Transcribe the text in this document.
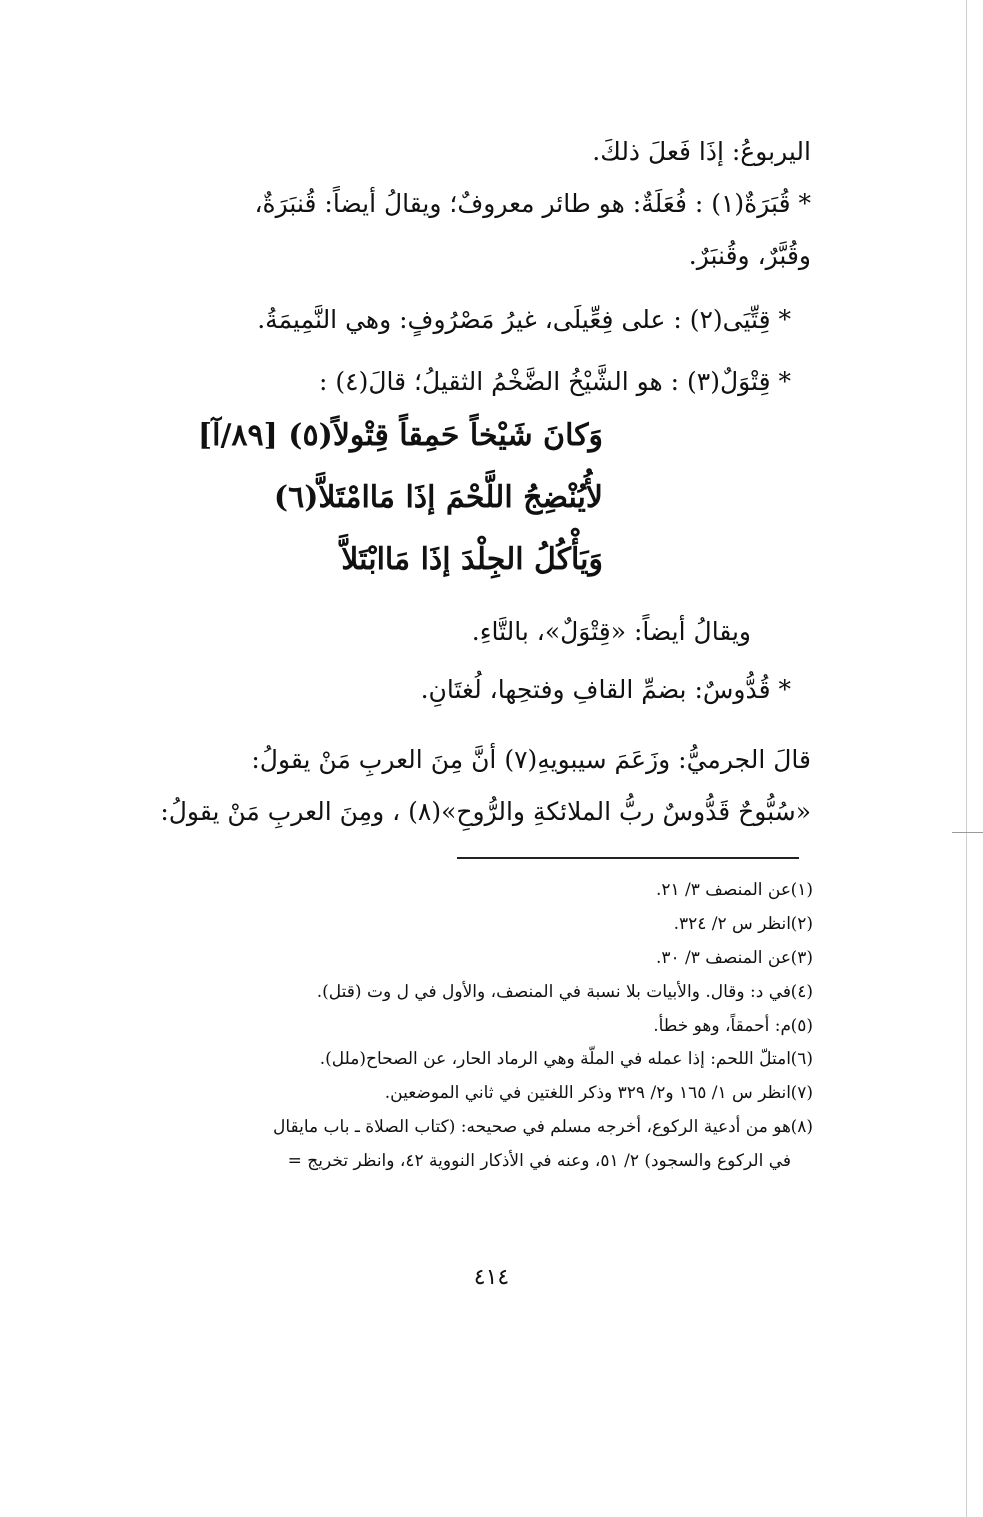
اليربوعُ: إذَا فَعلَ ذلكَ.
* قُبَرَةٌ(١) : فُعَلَةٌ: هو طائر معروفٌ؛ ويقالُ أيضاً: قُنبَرَةٌ،
وقُبَّرٌ، وقُنبَرٌ.
* قِتِّيَى(٢) : على فِعِّيلَى، غيرُ مَصْرُوفٍ: وهي النَّمِيمَةُ.
* قِتْوَلٌ(٣) : هو الشَّيْخُ الضَّخْمُ الثقيلُ؛ قالَ(٤) :
وَكانَ شَيْخاً حَمِقاً قِتْولاً(٥) [٨٩/آ]
لأُيُنْضِجُ اللَّحْمَ إذَا مَاامْتَلاَّ(٦)
وَيَأْكُلُ الجِلْدَ إذَا مَاابْتَلاَّ
ويقالُ أيضاً: «قِتْوَلٌ»، بالتَّاءِ.
* قُدُّوسٌ: بضمِّ القافِ وفتحِها، لُغتَانِ.
قالَ الجرميُّ: وزَعَمَ سيبويهِ(٧) أنَّ مِنَ العربِ مَنْ يقولُ:
«سُبُّوحٌ قَدُّوسٌ ربُّ الملائكةِ والرُّوحِ»(٨) ، ومِنَ العربِ مَنْ يقولُ:
(١)
عن المنصف ٣/ ٢١.
(٢)
انظر س ٢/ ٣٢٤.
(٣)
عن المنصف ٣/ ٣٠.
(٤)
في د: وقال. والأبيات بلا نسبة في المنصف، والأول في ل وت (قتل).
(٥)
م: أحمقاً، وهو خطأ.
(٦)
امتلّ اللحم: إذا عمله في الملّة وهي الرماد الحار، عن الصحاح(ملل).
(٧)
انظر س ١/ ١٦٥ و٢/ ٣٢٩ وذكر اللغتين في ثاني الموضعين.
(٨)
هو من أدعية الركوع، أخرجه مسلم في صحيحه: (كتاب الصلاة ـ باب مايقال
في الركوع والسجود) ٢/ ٥١، وعنه في الأذكار النووية ٤٢، وانظر تخريج =
٤١٤
